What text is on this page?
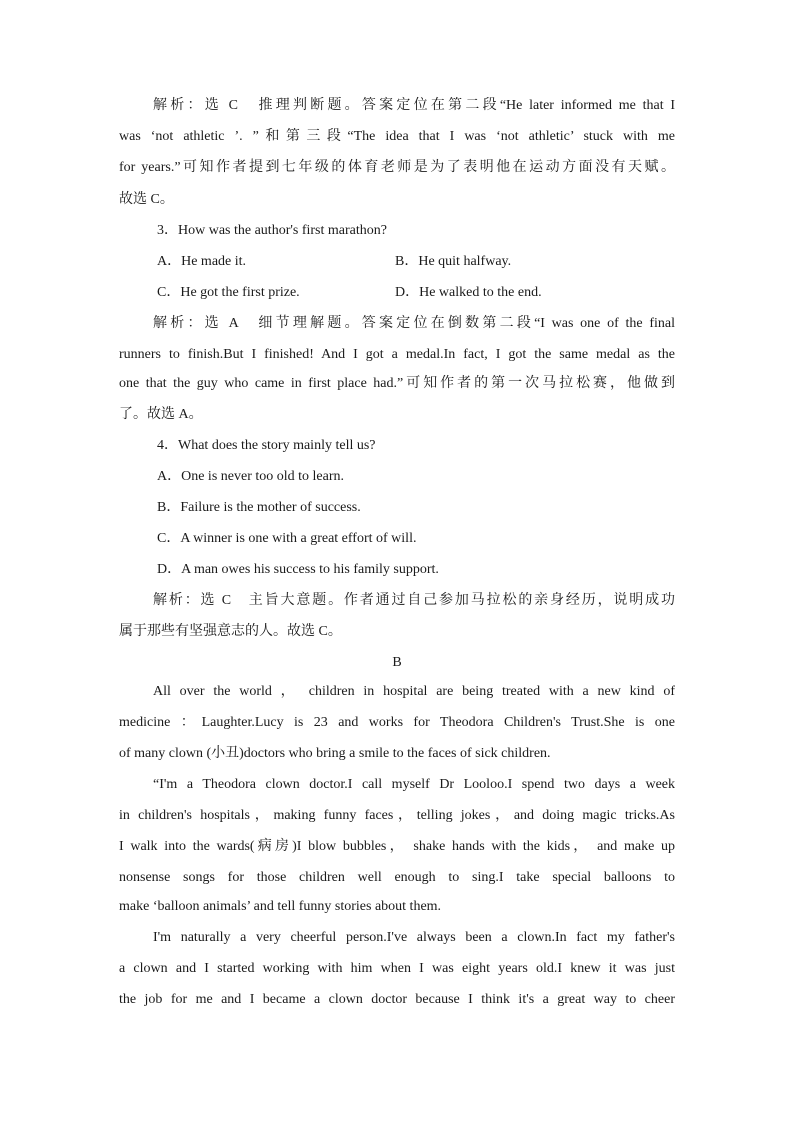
解析：选 C　推理判断题。答案定位在第二段“He later informed me that I
was ‘not athletic ’. ”和第三段“The idea that I was ‘not athletic’ stuck with me
for years.”可知作者提到七年级的体育老师是为了表明他在运动方面没有天赋。
故选 C。
3．How was the author's first marathon?
A．He made it.	B．He quit halfway.
C．He got the first prize.	D．He walked to the end.
解析：选 A　细节理解题。答案定位在倒数第二段“I was one of the final
runners to finish.But I finished! And I got a medal.In fact, I got the same medal as the
one that the guy who came in first place had.”可知作者的第一次马拉松赛，他做到
了。故选 A。
4．What does the story mainly tell us?
A．One is never too old to learn.
B．Failure is the mother of success.
C．A winner is one with a great effort of will.
D．A man owes his success to his family support.
解析：选 C　主旨大意题。作者通过自己参加马拉松的亲身经历，说明成功
属于那些有坚强意志的人。故选 C。
B
All over the world ， children in hospital are being treated with a new kind of
medicine ：Laughter.Lucy is 23 and works for Theodora Children's Trust.She is one
of many clown (小丑)doctors who bring a smile to the faces of sick children.
“I'm a Theodora clown doctor.I call myself Dr Looloo.I spend two days a week
in children's hospitals，making funny faces，telling jokes，and doing magic tricks.As
I walk into the wards(病房)I blow bubbles， shake hands with the kids， and make up
nonsense songs for those children well enough to sing.I take special balloons to
make ‘balloon animals’ and tell funny stories about them.
I'm naturally a very cheerful person.I've always been a clown.In fact my father's
a clown and I started working with him when I was eight years old.I knew it was just
the job for me and I became a clown doctor because I think it's a great way to cheer
